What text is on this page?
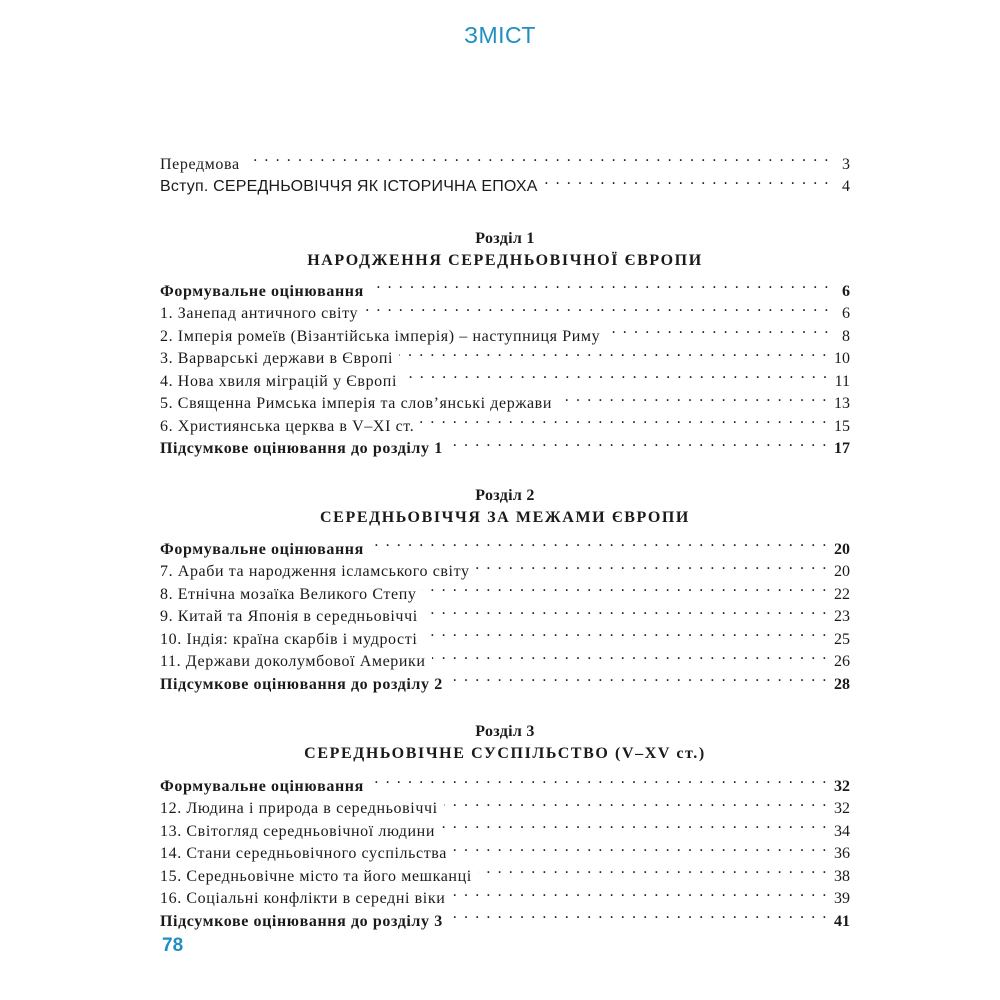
ЗМІСТ
Передмова . . .	3
Вступ. СЕРЕДНЬОВІЧЧЯ ЯК ІСТОРИЧНА ЕПОХА . . .	4
Розділ 1
НАРОДЖЕННЯ СЕРЕДНЬОВІЧНОЇ ЄВРОПИ
Формувальне оцінювання . . .	6
1. Занепад античного світу . . .	6
2. Імперія ромеїв (Візантійська імперія) – наступниця Риму . . .	8
3. Варварські держави в Європі . . .	10
4. Нова хвиля міграцій у Європі . . .	11
5. Священна Римська імперія та слов’янські держави . . .	13
6. Християнська церква в V–XI ст. . . .	15
Підсумкове оцінювання до розділу 1 . . .	17
Розділ 2
СЕРЕДНЬОВІЧЧЯ ЗА МЕЖАМИ ЄВРОПИ
Формувальне оцінювання . . .	20
7. Араби та народження ісламського світу . . .	20
8. Етнічна мозаїка Великого Степу . . .	22
9. Китай та Японія в середньовіччі . . .	23
10. Індія: країна скарбів і мудрості . . .	25
11. Держави доколумбової Америки . . .	26
Підсумкове оцінювання до розділу 2 . . .	28
Розділ 3
СЕРЕДНЬОВІЧНЕ СУСПІЛЬСТВО (V–XV ст.)
Формувальне оцінювання . . .	32
12. Людина і природа в середньовіччі . . .	32
13. Світогляд середньовічної людини . . .	34
14. Стани середньовічного суспільства . . .	36
15. Середньовічне місто та його мешканці . . .	38
16. Соціальні конфлікти в середні віки . . .	39
Підсумкове оцінювання до розділу 3 . . .	41
78
